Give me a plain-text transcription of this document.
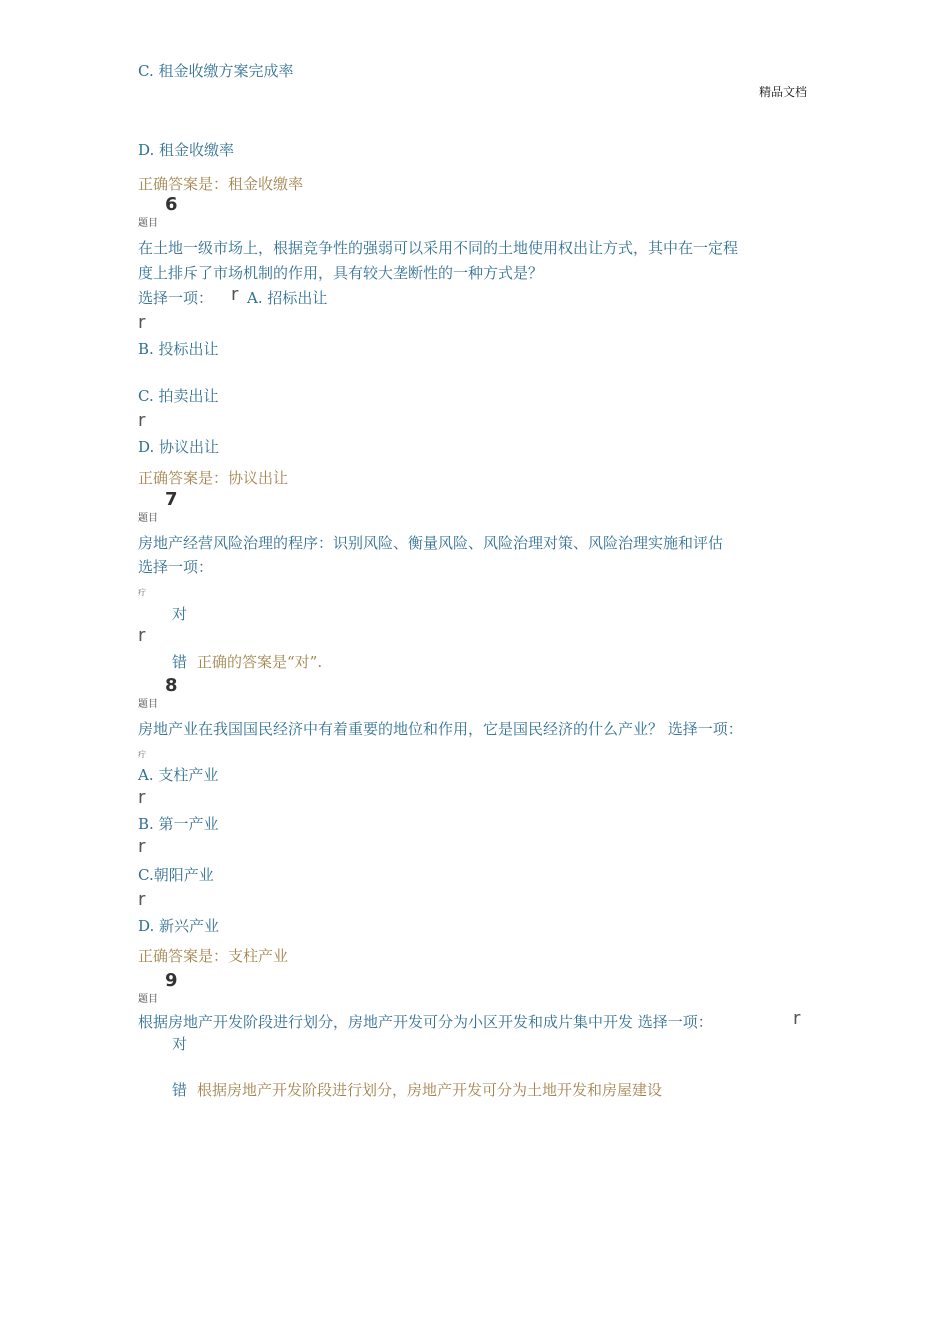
精品文档
C. 租金收缴方案完成率
D. 租金收缴率
正确答案是：租金收缴率
6
题目
在土地一级市场上，根据竞争性的强弱可以采用不同的土地使用权出让方式，其中在一定程
度上排斥了市场机制的作用，具有较大垄断性的一种方式是？
选择一项： r A. 招标出让
r
B. 投标出让
C. 拍卖出让
r
D. 协议出让
正确答案是：协议出让
7
题目
房地产经营风险治理的程序：识别风险、衡量风险、风险治理对策、风险治理实施和评估
选择一项：
疔
对
r
错 正确的答案是“对”.
8
题目
房地产业在我国国民经济中有着重要的地位和作用，它是国民经济的什么产业？ 选择一项：
疔
A. 支柱产业
r
B. 第一产业
r
C.朝阳产业
r
D. 新兴产业
正确答案是：支柱产业
9
题目
根据房地产开发阶段进行划分，房地产开发可分为小区开发和成片集中开发 选择一项：	r
对
错 根据房地产开发阶段进行划分，房地产开发可分为土地开发和房屋建设
